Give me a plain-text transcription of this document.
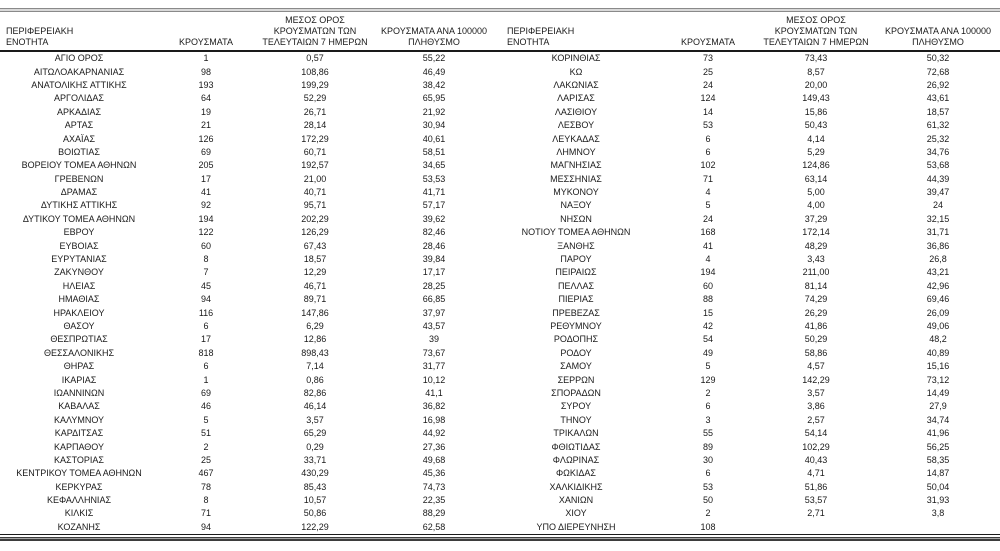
ΠΕΡΙΦΕΡΕΙΑΚΗ ΕΝΟΤΗΤΑ	ΚΡΟΥΣΜΑΤΑ	ΜΕΣΟΣ ΟΡΟΣ ΚΡΟΥΣΜΑΤΩΝ ΤΩΝ ΤΕΛΕΥΤΑΙΩΝ 7 ΗΜΕΡΩΝ	ΚΡΟΥΣΜΑΤΑ ΑΝΑ 100000 ΠΛΗΘΥΣΜΟ	ΠΕΡΙΦΕΡΕΙΑΚΗ ΕΝΟΤΗΤΑ	ΚΡΟΥΣΜΑΤΑ	ΜΕΣΟΣ ΟΡΟΣ ΚΡΟΥΣΜΑΤΩΝ ΤΩΝ ΤΕΛΕΥΤΑΙΩΝ 7 ΗΜΕΡΩΝ	ΚΡΟΥΣΜΑΤΑ ΑΝΑ 100000 ΠΛΗΘΥΣΜΟ
ΑΓΙΟ ΟΡΟΣ	1	0,57	55,22	ΚΟΡΙΝΘΙΑΣ	73	73,43	50,32
ΑΙΤΩΛΟΑΚΑΡΝΑΝΙΑΣ	98	108,86	46,49	ΚΩ	25	8,57	72,68
ΑΝΑΤΟΛΙΚΗΣ ΑΤΤΙΚΗΣ	193	199,29	38,42	ΛΑΚΩΝΙΑΣ	24	20,00	26,92
ΑΡΓΟΛΙΔΑΣ	64	52,29	65,95	ΛΑΡΙΣΑΣ	124	149,43	43,61
ΑΡΚΑΔΙΑΣ	19	26,71	21,92	ΛΑΣΙΘΙΟΥ	14	15,86	18,57
ΑΡΤΑΣ	21	28,14	30,94	ΛΕΣΒΟΥ	53	50,43	61,32
ΑΧΑΪΑΣ	126	172,29	40,61	ΛΕΥΚΑΔΑΣ	6	4,14	25,32
ΒΟΙΩΤΙΑΣ	69	60,71	58,51	ΛΗΜΝΟΥ	6	5,29	34,76
ΒΟΡΕΙΟΥ ΤΟΜΕΑ ΑΘΗΝΩΝ	205	192,57	34,65	ΜΑΓΝΗΣΙΑΣ	102	124,86	53,68
ΓΡΕΒΕΝΩΝ	17	21,00	53,53	ΜΕΣΣΗΝΙΑΣ	71	63,14	44,39
ΔΡΑΜΑΣ	41	40,71	41,71	ΜΥΚΟΝΟΥ	4	5,00	39,47
ΔΥΤΙΚΗΣ ΑΤΤΙΚΗΣ	92	95,71	57,17	ΝΑΞΟΥ	5	4,00	24
ΔΥΤΙΚΟΥ ΤΟΜΕΑ ΑΘΗΝΩΝ	194	202,29	39,62	ΝΗΣΩΝ	24	37,29	32,15
ΕΒΡΟΥ	122	126,29	82,46	ΝΟΤΙΟΥ ΤΟΜΕΑ ΑΘΗΝΩΝ	168	172,14	31,71
ΕΥΒΟΙΑΣ	60	67,43	28,46	ΞΑΝΘΗΣ	41	48,29	36,86
ΕΥΡΥΤΑΝΙΑΣ	8	18,57	39,84	ΠΑΡΟΥ	4	3,43	26,8
ΖΑΚΥΝΘΟΥ	7	12,29	17,17	ΠΕΙΡΑΙΩΣ	194	211,00	43,21
ΗΛΕΙΑΣ	45	46,71	28,25	ΠΕΛΛΑΣ	60	81,14	42,96
ΗΜΑΘΙΑΣ	94	89,71	66,85	ΠΙΕΡΙΑΣ	88	74,29	69,46
ΗΡΑΚΛΕΙΟΥ	116	147,86	37,97	ΠΡΕΒΕΖΑΣ	15	26,29	26,09
ΘΑΣΟΥ	6	6,29	43,57	ΡΕΘΥΜΝΟΥ	42	41,86	49,06
ΘΕΣΠΡΩΤΙΑΣ	17	12,86	39	ΡΟΔΟΠΗΣ	54	50,29	48,2
ΘΕΣΣΑΛΟΝΙΚΗΣ	818	898,43	73,67	ΡΟΔΟΥ	49	58,86	40,89
ΘΗΡΑΣ	6	7,14	31,77	ΣΑΜΟΥ	5	4,57	15,16
ΙΚΑΡΙΑΣ	1	0,86	10,12	ΣΕΡΡΩΝ	129	142,29	73,12
ΙΩΑΝΝΙΝΩΝ	69	82,86	41,1	ΣΠΟΡΑΔΩΝ	2	3,57	14,49
ΚΑΒΑΛΑΣ	46	46,14	36,82	ΣΥΡΟΥ	6	3,86	27,9
ΚΑΛΥΜΝΟΥ	5	3,57	16,98	ΤΗΝΟΥ	3	2,57	34,74
ΚΑΡΔΙΤΣΑΣ	51	65,29	44,92	ΤΡΙΚΑΛΩΝ	55	54,14	41,96
ΚΑΡΠΑΘΟΥ	2	0,29	27,36	ΦΘΙΩΤΙΔΑΣ	89	102,29	56,25
ΚΑΣΤΟΡΙΑΣ	25	33,71	49,68	ΦΛΩΡΙΝΑΣ	30	40,43	58,35
ΚΕΝΤΡΙΚΟΥ ΤΟΜΕΑ ΑΘΗΝΩΝ	467	430,29	45,36	ΦΩΚΙΔΑΣ	6	4,71	14,87
ΚΕΡΚΥΡΑΣ	78	85,43	74,73	ΧΑΛΚΙΔΙΚΗΣ	53	51,86	50,04
ΚΕΦΑΛΛΗΝΙΑΣ	8	10,57	22,35	ΧΑΝΙΩΝ	50	53,57	31,93
ΚΙΛΚΙΣ	71	50,86	88,29	ΧΙΟΥ	2	2,71	3,8
ΚΟΖΑΝΗΣ	94	122,29	62,58	ΥΠΟ ΔΙΕΡΕΥΝΗΣΗ	108		
